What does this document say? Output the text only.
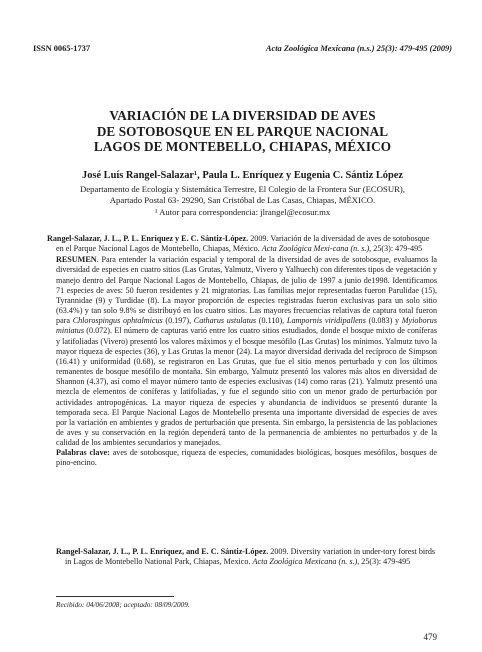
ISSN 0065-1737	Acta Zoológica Mexicana (n.s.) 25(3): 479-495 (2009)
VARIACIÓN DE LA DIVERSIDAD DE AVES
DE SOTOBOSQUE EN EL PARQUE NACIONAL
LAGOS DE MONTEBELLO, CHIAPAS, MÉXICO
José Luís Rangel-Salazar¹, Paula L. Enríquez y Eugenia C. Sántiz López
Departamento de Ecología y Sistemática Terrestre, El Colegio de la Frontera Sur (ECOSUR),
Apartado Postal 63- 29290, San Cristóbal de Las Casas, Chiapas, MÉXICO.
¹ Autor para correspondencia: jlrangel@ecosur.mx

Rangel-Salazar, J. L., P. L. Enríquez y E. C. Sántiz-López. 2009. Variación de la diversidad de aves de sotobosque en el Parque Nacional Lagos de Montebello, Chiapas, México. Acta Zoológica Mexi-cana (n. s.), 25(3): 479-495

RESUMEN. Para entender la variación espacial y temporal de la diversidad de aves de sotobosque, evaluamos la diversidad de especies en cuatro sitios (Las Grutas, Yalmutz, Vivero y Yalhuech) con diferentes tipos de vegetación y manejo dentro del Parque Nacional Lagos de Montebello, Chiapas, de julio de 1997 a junio de1998. Identificamos 71 especies de aves: 50 fueron residentes y 21 migratorias. Las familias mejor representadas fueron Parulidae (15), Tyrannidae (9) y Turdidae (8). La mayor proporción de especies registradas fueron exclusivas para un solo sitio (63.4%) y tan solo 9.8% se distribuyó en los cuatro sitios. Las mayores frecuencias relativas de captura total fueron para Chlorospingus ophtalmicus (0.197), Catharus ustulatus (0.110), Lampornis viridipallens (0.083) y Myioborus miniatus (0.072). El número de capturas varió entre los cuatro sitios estudiados, donde el bosque mixto de coníferas y latifoliadas (Vivero) presentó los valores máximos y el bosque mesófilo (Las Grutas) los mínimos. Yalmutz tuvo la mayor riqueza de especies (36), y Las Grutas la menor (24). La mayor diversidad derivada del recíproco de Simpson (16.41) y uniformidad (0.68), se registraron en Las Grutas, que fue el sitio menos perturbado y con los últimos remanentes de bosque mesófilo de montaña. Sin embargo, Yalmutz presentó los valores más altos en diversidad de Shannon (4.37), así como el mayor número tanto de especies exclusivas (14) como raras (21). Yalmutz presentó una mezcla de elementos de coníferas y latifoliadas, y fue el segundo sitio con un menor grado de perturbación por actividades antropogénicas. La mayor riqueza de especies y abundancia de individuos se presentó durante la temporada seca. El Parque Nacional Lagos de Montebello presenta una importante diversidad de especies de aves por la variación en ambientes y grados de perturbación que presenta. Sin embargo, la persistencia de las poblaciones de aves y su conservación en la región dependerá tanto de la permanencia de ambientes no perturbados y de la calidad de los ambientes secundarios y manejados.

Palabras clave: aves de sotobosque, riqueza de especies, comunidades biológicas, bosques mesófilos, bosques de pino-encino.

Rangel-Salazar, J. L., P. L. Enríquez, and E. C. Sántiz-López. 2009. Diversity variation in under-tory forest birds in Lagos de Montebello National Park, Chiapas, Mexico. Acta Zoológica Mexicana (n. s.), 25(3): 479-495

Recibido: 04/06/2008; aceptado: 08/09/2009.
479
